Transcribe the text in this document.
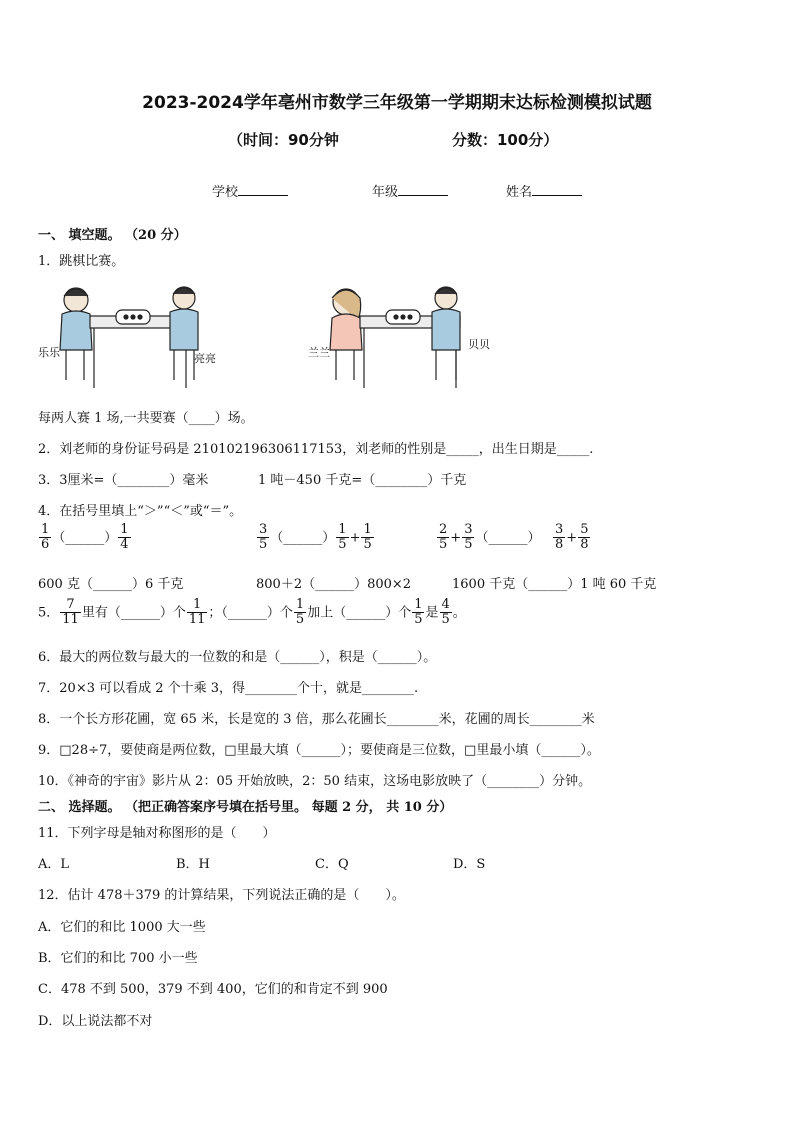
2023-2024学年亳州市数学三年级第一学期期末达标检测模拟试题
（时间：90分钟	分数：100分）
学校	年级	姓名
一、 填空题。 （20 分）
1．跳棋比赛。
乐乐	亮亮	兰兰
贝贝
每两人赛 1 场,一共要赛（____）场。
2．刘老师的身份证号码是 210102196306117153，刘老师的性别是_____，出生日期是_____.
3．3厘米=（________）毫米	1 吨－450 千克=（________）千克
4．在括号里填上“＞”“＜”或“＝”。
$\frac{1}{6}$ （______） $\frac{1}{4}$	$\frac{3}{5}$ （______） $\frac{1}{5} + \frac{1}{5}$	$\frac{2}{5} + \frac{3}{5}$ （______） $\frac{3}{8} + \frac{5}{8}$
600 克（______）6 千克	800＋2（______）800×2	1600 千克（______）1 吨 60 千克
5． $\frac{7}{11}$ 里有（______）个 $\frac{1}{11}$ ；（______）个 $\frac{1}{5}$ 加上（______）个 $\frac{1}{5}$ 是 $\frac{4}{5}$ 。
6．最大的两位数与最大的一位数的和是（______），积是（______）。
7．20×3 可以看成 2 个十乘 3，得________个十，就是________.
8．一个长方形花圃，宽 65 米，长是宽的 3 倍，那么花圃长________米，花圃的周长________米
9．□28÷7，要使商是两位数，□里最大填（______）；要使商是三位数，□里最小填（______）。
10．《神奇的宇宙》影片从 2：05 开始放映，2：50 结束，这场电影放映了（________）分钟。
二、 选择题。 （把正确答案序号填在括号里。 每题 2 分， 共 10 分）
11．下列字母是轴对称图形的是（　　）
A．L	B．H	C．Q	D．S
12．估计 478＋379 的计算结果，下列说法正确的是（　　）。
A．它们的和比 1000 大一些
B．它们的和比 700 小一些
C．478 不到 500，379 不到 400，它们的和肯定不到 900
D．以上说法都不对
